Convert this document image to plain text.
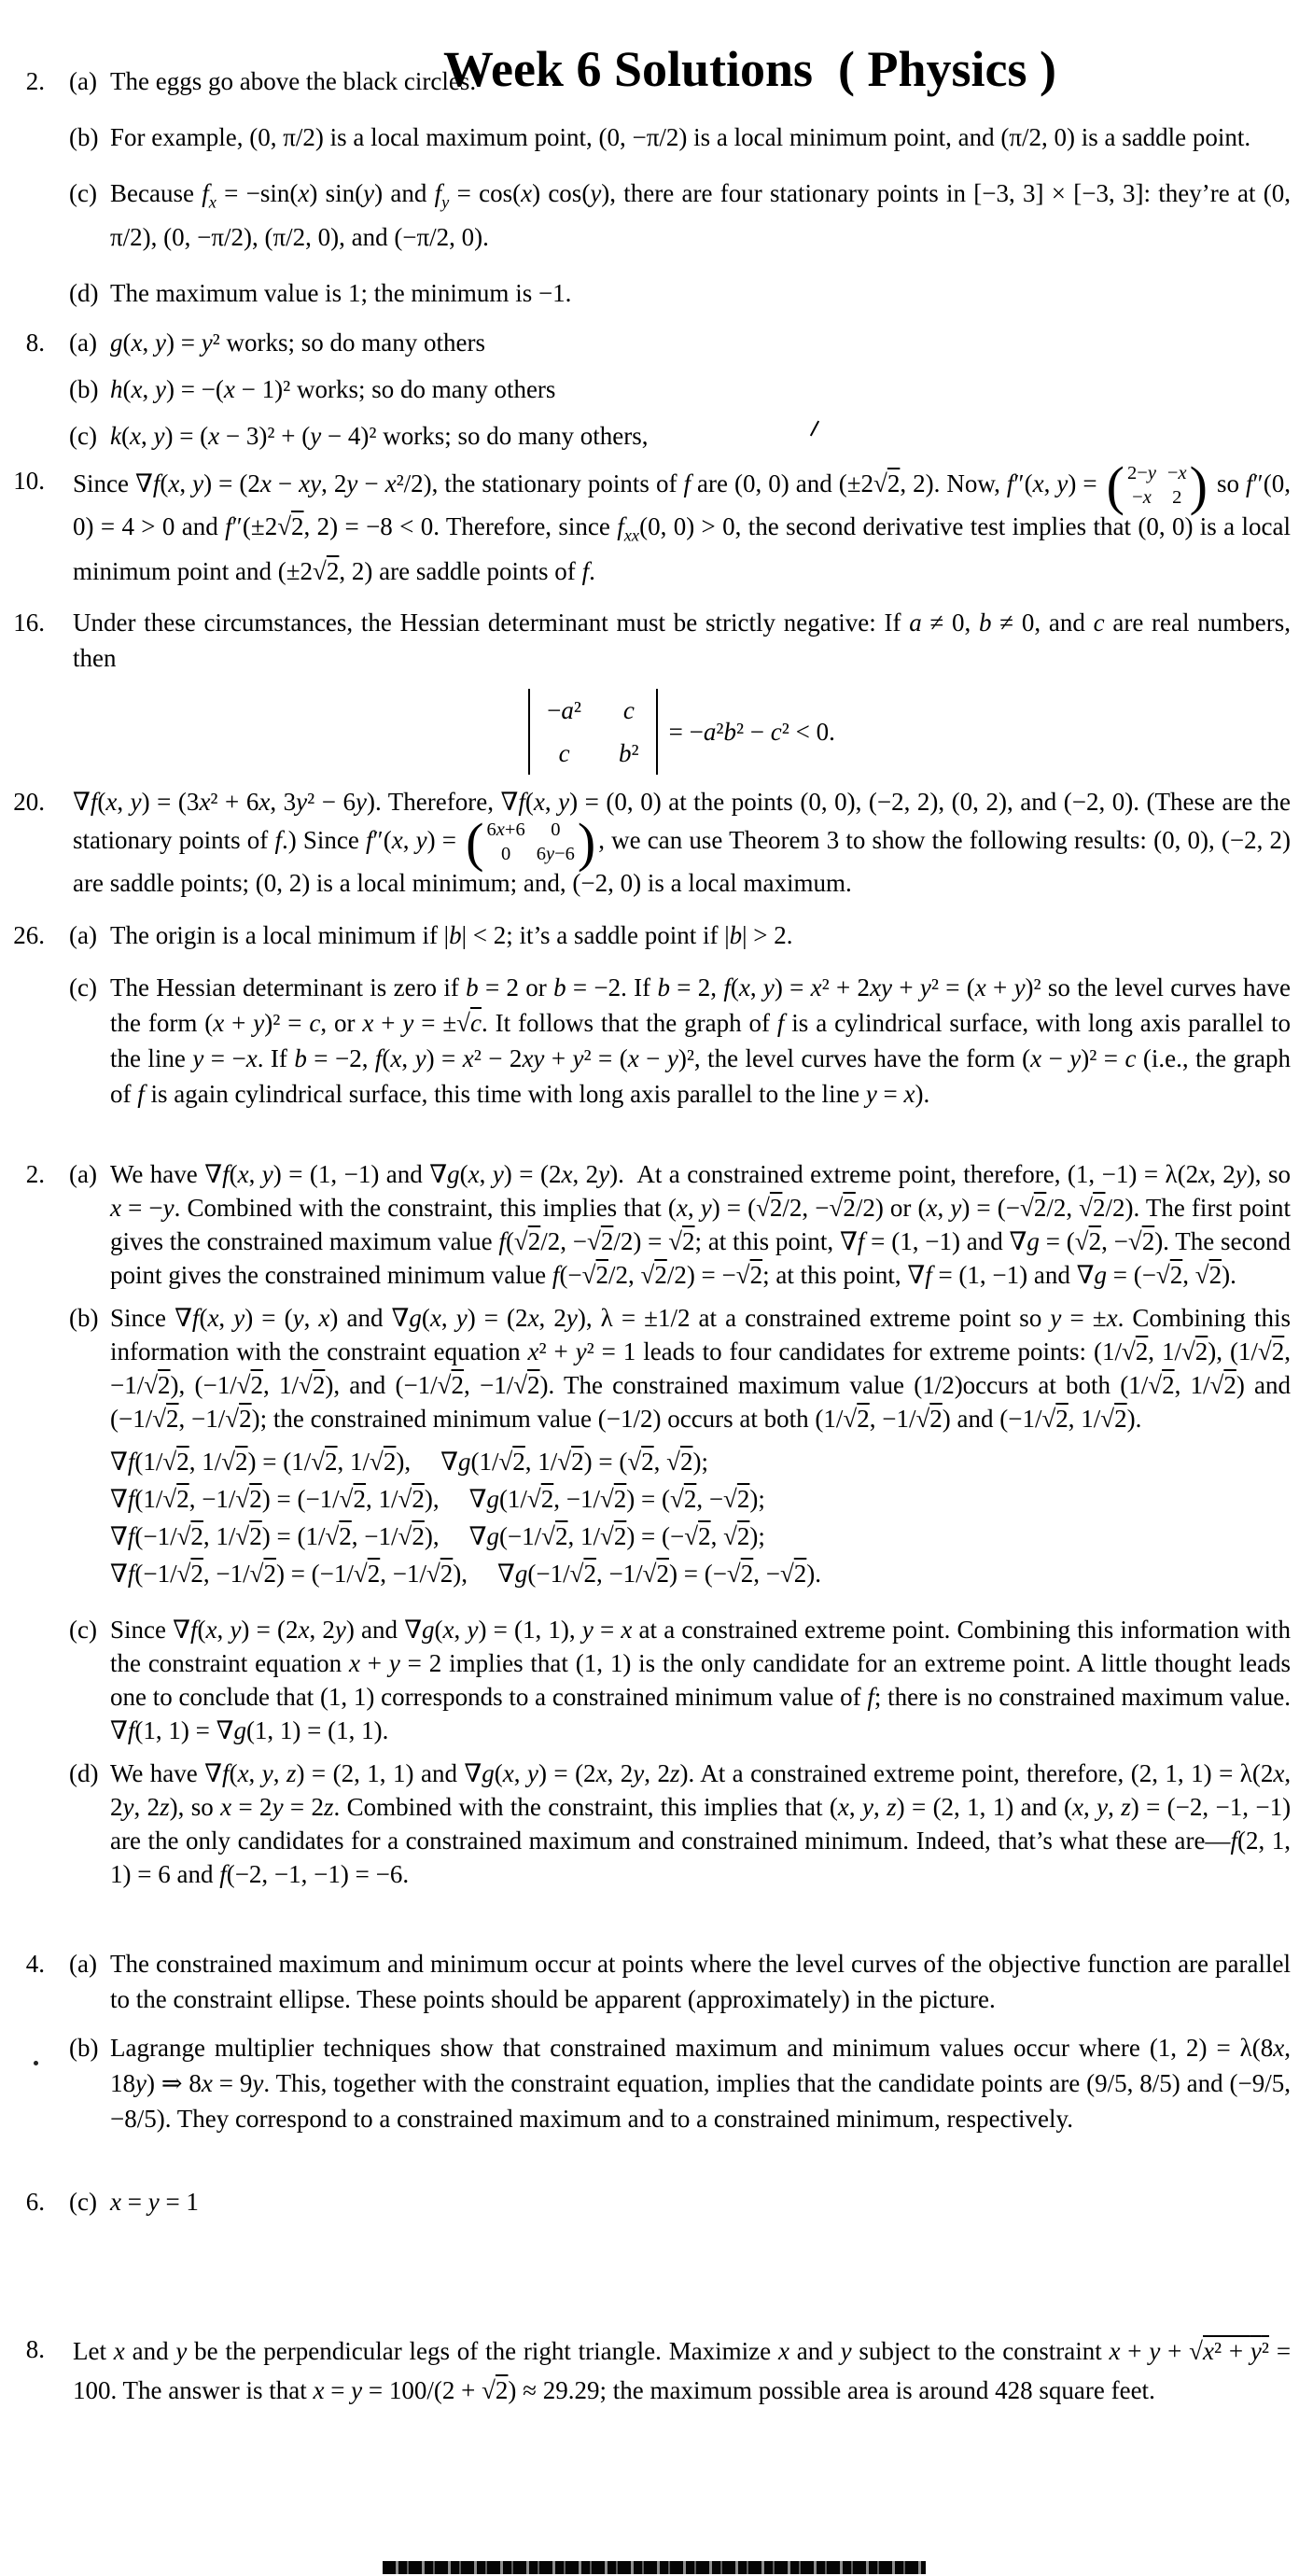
Week 6 Solutions  ( Physics )
2. (a) The eggs go above the black circles.
(b) For example, (0, π/2) is a local maximum point, (0, −π/2) is a local minimum point, and (π/2, 0) is a saddle point.
(c) Because $f_x = -\sin(x)$ sin(y) and $f_y = \cos(x)$ cos(y), there are four stationary points in [−3, 3] × [−3, 3]: they’re at (0, π/2), (0, −π/2), (π/2, 0), and (−π/2, 0).
(d) The maximum value is 1; the minimum is −1.
8. (a) g(x, y) = y² works; so do many others
(b) h(x, y) = −(x − 1)² works; so do many others
(c) k(x, y) = (x − 3)² + (y − 4)² works; so do many others,
10.	Since ∇f(x, y) = (2x − xy, 2y − x²/2), the stationary points of f are (0, 0) and (±2√2, 2). Now, f″(x, y) = ( 2−y −x
−x 2 ) so f″(0, 0) = 4 > 0 and f″(±2√2, 2) = −8 < 0. Therefore, since $f_{xx}(0$, 0) > 0, the second derivative test implies that (0, 0) is a local minimum point and (±2√2, 2) are saddle points of f.
16. Under these circumstances, the Hessian determinant must be strictly negative: If a ≠ 0, b ≠ 0, and c are real numbers, then
−a² c
c	b²
= −a²b² − c² < 0.
20.	∇f(x, y) = (3x² + 6x, 3y² − 6y). Therefore, ∇f(x, y) = (0, 0) at the points (0, 0), (−2, 2), (0, 2), and (−2, 0). (These are the stationary points of f.) Since f″(x, y) = ( 6x+6 0
0 6y−6 ) , we can use Theorem 3 to show the following results: (0, 0), (−2, 2) are saddle points; (0, 2) is a local minimum; and, (−2, 0) is a local maximum.
26. (a) The origin is a local minimum if |b| < 2; it’s a saddle point if |b| > 2.
(c) The Hessian determinant is zero if b = 2 or b = −2. If b = 2, f(x, y) = x² + 2xy + y² = (x + y)² so the level curves have the form (x + y)² = c, or x + y = ±√c. It follows that the graph of f is a cylindrical surface, with long axis parallel to the line y = −x. If b = −2, f(x, y) = x² − 2xy + y² = (x − y)², the level curves have the form (x − y)² = c (i.e., the graph of f is again cylindrical surface, this time with long axis parallel to the line y = x).
2. (a) We have ∇f(x, y) = (1, −1) and ∇g(x, y) = (2x, 2y).  At a constrained extreme point, therefore, (1, −1) = λ(2x, 2y), so x = −y. Combined with the constraint, this implies that (x, y) = (√2/2, −√2/2) or (x, y) = (−√2/2, √2/2). The first point gives the constrained maximum value f(√2/2, −√2/2) = √2; at this point, ∇f = (1, −1) and ∇g = (√2, −√2). The second point gives the constrained minimum value f(−√2/2, √2/2) = −√2; at this point, ∇f = (1, −1) and ∇g = (−√2, √2).
(b) Since ∇f(x, y) = (y, x) and ∇g(x, y) = (2x, 2y), λ = ±1/2 at a constrained extreme point so y = ±x. Combining this information with the constraint equation x² + y² = 1 leads to four candidates for extreme points: (1/√2, 1/√2), (1/√2, −1/√2), (−1/√2, 1/√2), and (−1/√2, −1/√2). The constrained maximum value (1/2)occurs at both (1/√2, 1/√2) and (−1/√2, −1/√2); the constrained minimum value (−1/2) occurs at both (1/√2, −1/√2) and (−1/√2, 1/√2).
∇f(1/√2, 1/√2) = (1/√2, 1/√2), ∇g(1/√2, 1/√2) = (√2, √2);
∇f(1/√2, −1/√2) = (−1/√2, 1/√2), ∇g(1/√2, −1/√2) = (√2, −√2);
∇f(−1/√2, 1/√2) = (1/√2, −1/√2), ∇g(−1/√2, 1/√2) = (−√2, √2);
∇f(−1/√2, −1/√2) = (−1/√2, −1/√2), ∇g(−1/√2, −1/√2) = (−√2, −√2).
(c) Since ∇f(x, y) = (2x, 2y) and ∇g(x, y) = (1, 1), y = x at a constrained extreme point. Combining this information with the constraint equation x + y = 2 implies that (1, 1) is the only candidate for an extreme point. A little thought leads one to conclude that (1, 1) corresponds to a constrained minimum value of f; there is no constrained maximum value. ∇f(1, 1) = ∇g(1, 1) = (1, 1).
(d) We have ∇f(x, y, z) = (2, 1, 1) and ∇g(x, y) = (2x, 2y, 2z). At a constrained extreme point, therefore, (2, 1, 1) = λ(2x, 2y, 2z), so x = 2y = 2z. Combined with the constraint, this implies that (x, y, z) = (2, 1, 1) and (x, y, z) = (−2, −1, −1) are the only candidates for a constrained maximum and constrained minimum. Indeed, that’s what these are—f(2, 1, 1) = 6 and f(−2, −1, −1) = −6.
4. (a) The constrained maximum and minimum occur at points where the level curves of the objective function are parallel to the constraint ellipse. These points should be apparent (approximately) in the picture.
(b) Lagrange multiplier techniques show that constrained maximum and minimum values occur where (1, 2) = λ(8x, 18y) ⇒ 8x = 9y. This, together with the constraint equation, implies that the candidate points are (9/5, 8/5) and (−9/5, −8/5). They correspond to a constrained maximum and to a constrained minimum, respectively.
6. (c) x = y = 1
8.	Let x and y be the perpendicular legs of the right triangle. Maximize x and y subject to the constraint x + y + √x² + y² = 100. The answer is that x = y = 100/(2 + √2) ≈ 29.29; the maximum possible area is around 428 square feet.
